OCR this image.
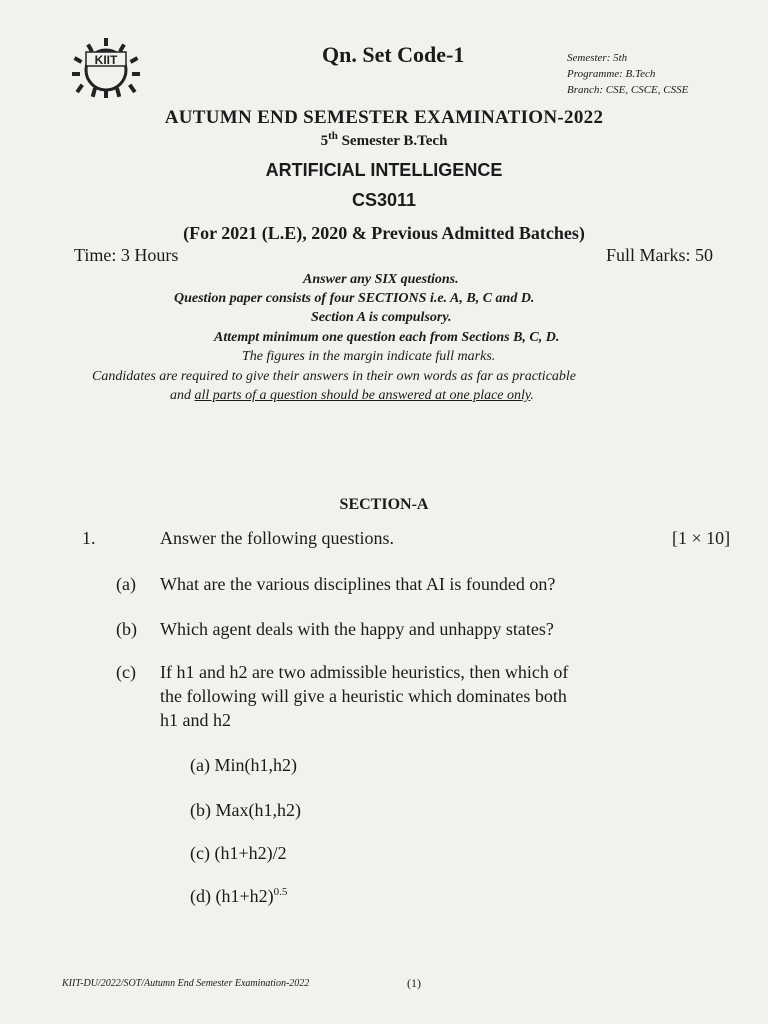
KIIT	Qn. Set Code-1	Semester: 5th
Programme: B.Tech
Branch: CSE, CSCE, CSSE
AUTUMN END SEMESTER EXAMINATION-2022
5th Semester B.Tech
ARTIFICIAL INTELLIGENCE
CS3011
(For 2021 (L.E), 2020 & Previous Admitted Batches)
Time: 3 Hours	Full Marks: 50
Answer any SIX questions.
Question paper consists of four SECTIONS i.e. A, B, C and D.
Section A is compulsory.
Attempt minimum one question each from Sections B, C, D.
The figures in the margin indicate full marks.
Candidates are required to give their answers in their own words as far as practicable
and all parts of a question should be answered at one place only.
SECTION-A
1.	Answer the following questions.	[1 × 10]
(a) What are the various disciplines that AI is founded on?
(b) Which agent deals with the happy and unhappy states?
(c) If h1 and h2 are two admissible heuristics, then which of
the following will give a heuristic which dominates both
h1 and h2
(a) Min(h1,h2)
(b) Max(h1,h2)
(c) (h1+h2)/2
(d) $(h1+h2)^{0.5}$
KIIT-DU/2022/SOT/Autumn End Semester Examination-2022	(1)
